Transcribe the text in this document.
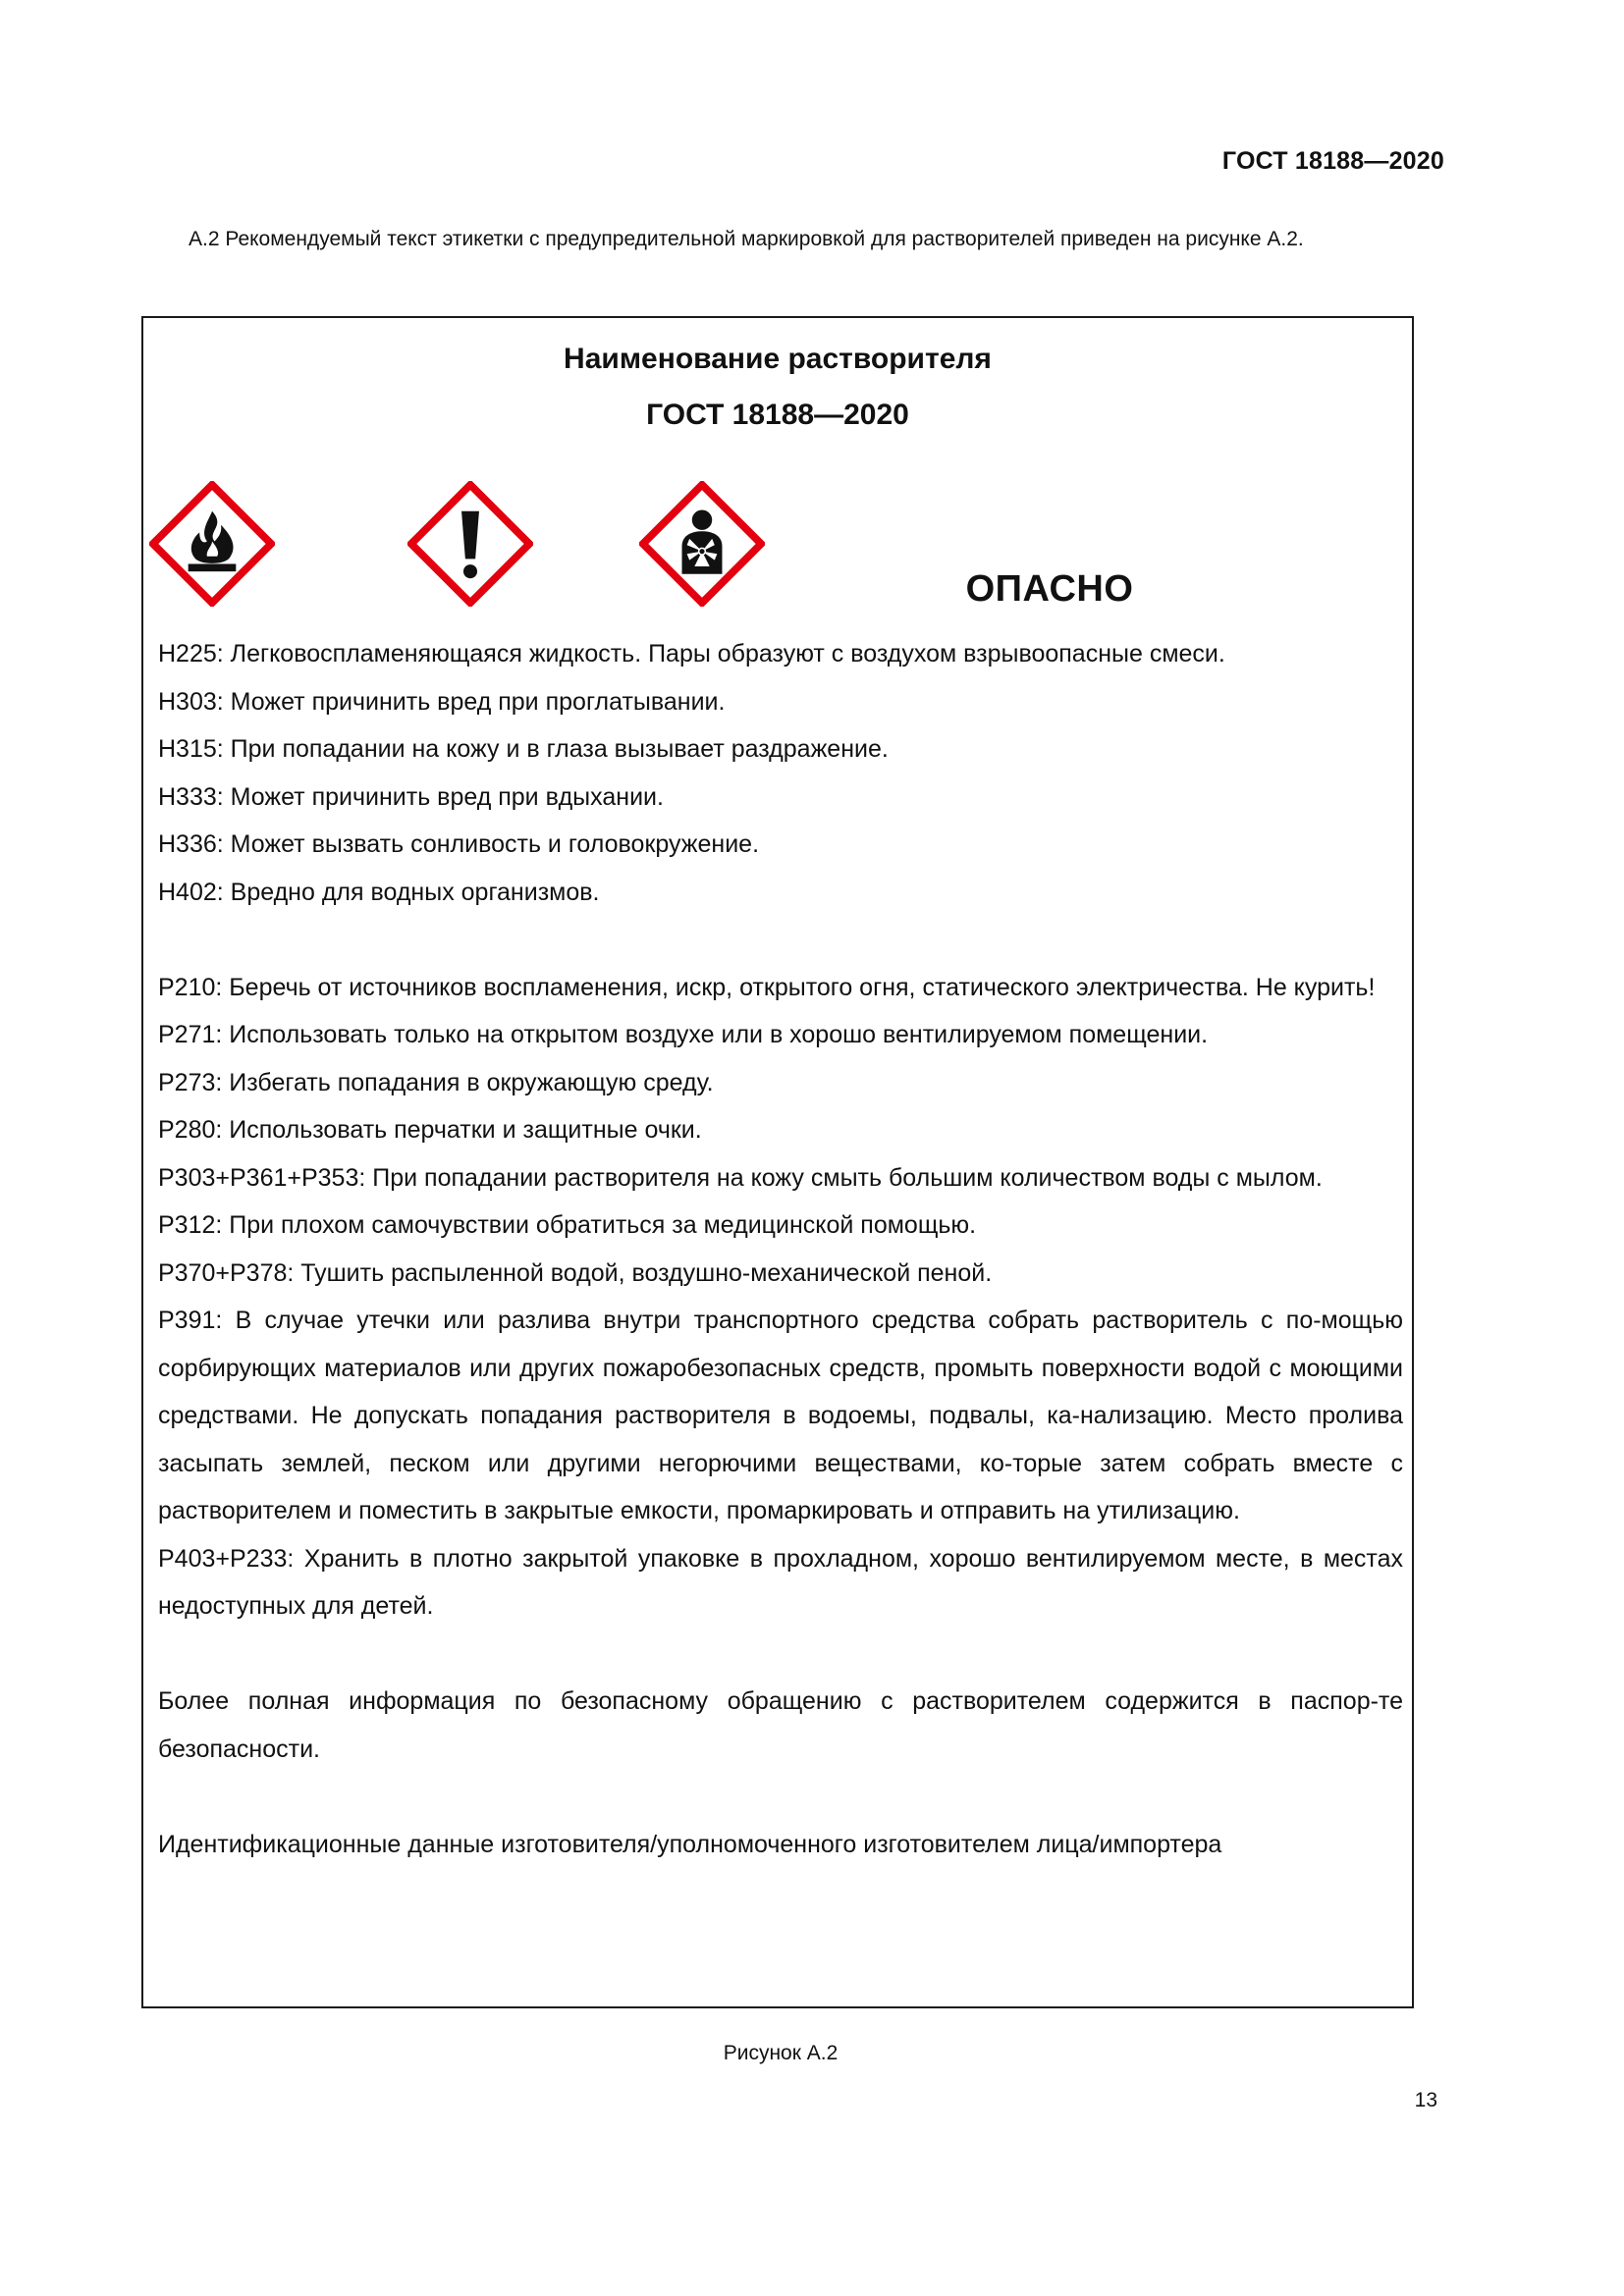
ГОСТ 18188—2020

А.2 Рекомендуемый текст этикетки с предупредительной маркировкой для растворителей приведен на рисунке А.2.

Наименование растворителя
ГОСТ 18188—2020
ОПАСНО

H225: Легковоспламеняющаяся жидкость. Пары образуют с воздухом взрывоопасные смеси.

H303: Может причинить вред при проглатывании.

H315: При попадании на кожу и в глаза вызывает раздражение.

H333: Может причинить вред при вдыхании.

H336: Может вызвать сонливость и головокружение.

H402: Вредно для водных организмов.

P210: Беречь от источников воспламенения, искр, открытого огня, статического электричества. Не курить!

P271: Использовать только на открытом воздухе или в хорошо вентилируемом помещении.

P273: Избегать попадания в окружающую среду.

P280: Использовать перчатки и защитные очки.

P303+P361+P353: При попадании растворителя на кожу смыть большим количеством воды с мылом.

P312: При плохом самочувствии обратиться за медицинской помощью.

P370+P378: Тушить распыленной водой, воздушно-механической пеной.

P391: В случае утечки или разлива внутри транспортного средства собрать растворитель с по-мощью сорбирующих материалов или других пожаробезопасных средств, промыть поверхности водой с моющими средствами. Не допускать попадания растворителя в водоемы, подвалы, ка-нализацию. Место пролива засыпать землей, песком или другими негорючими веществами, ко-торые затем собрать вместе с растворителем и поместить в закрытые емкости, промаркировать и отправить на утилизацию.

P403+P233: Хранить в плотно закрытой упаковке в прохладном, хорошо вентилируемом месте, в местах недоступных для детей.

Более полная информация по безопасному обращению с растворителем содержится в паспор-те безопасности.

Идентификационные данные изготовителя/уполномоченного изготовителем лица/импортера

Рисунок А.2

13
